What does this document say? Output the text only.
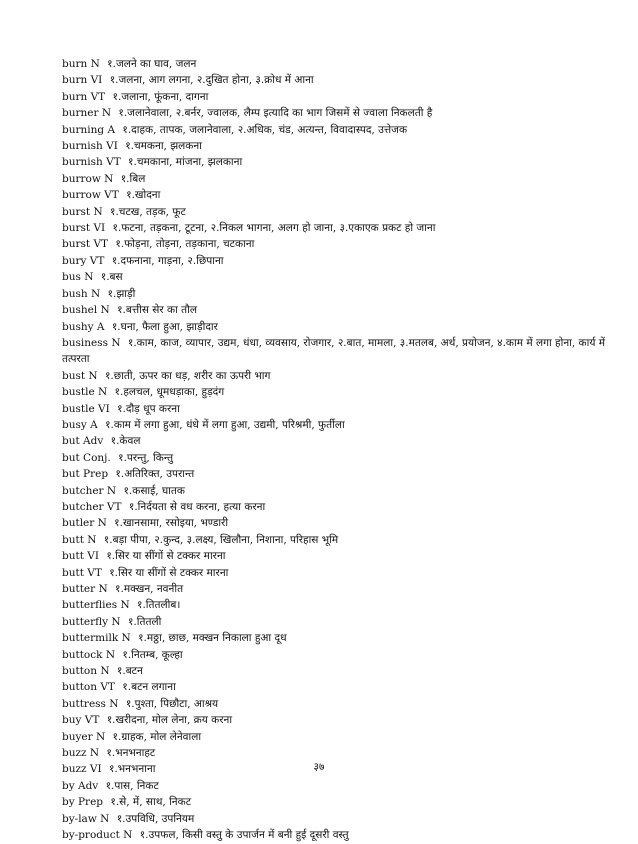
burn N १.जलने का घाव, जलन
burn VI १.जलना, आग लगना, २.दुखित होना, ३.क्रोध में आना
burn VT १.जलाना, फूंकना, दागना
burner N १.जलानेवाला, २.बर्नर, ज्वालक, लैम्प इत्यादि का भाग जिसमें से ज्वाला निकलती है
burning A १.दाहक, तापक, जलानेवाला, २.अधिक, चंड, अत्यन्त, विवादास्पद, उत्तेजक
burnish VI १.चमकना, झलकना
burnish VT १.चमकाना, मांजना, झलकाना
burrow N १.बिल
burrow VT १.खोदना
burst N १.चटख, तड़क, फूट
burst VI १.फटना, तड़कना, टूटना, २.निकल भागना, अलग हो जाना, ३.एकाएक प्रकट हो जाना
burst VT १.फोड़ना, तोड़ना, तड़काना, चटकाना
bury VT १.दफनाना, गाड़ना, २.छिपाना
bus N १.बस
bush N १.झाड़ी
bushel N १.बत्तीस सेर का तौल
bushy A १.घना, फैला हुआ, झाड़ीदार
business N १.काम, काज, व्यापार, उद्यम, धंधा, व्यवसाय, रोजगार, २.बात, मामला, ३.मतलब, अर्थ, प्रयोजन, ४.काम में लगा होना, कार्य में तत्परता
bust N १.छाती, ऊपर का धड़, शरीर का ऊपरी भाग
bustle N १.हलचल, धूमधड़ाका, हुड़दंग
bustle VI १.दौड़ धूप करना
busy A १.काम में लगा हुआ, धंधे में लगा हुआ, उद्यमी, परिश्रमी, फुर्तीला
but Adv १.केवल
but Conj. १.परन्तु, किन्तु
but Prep १.अतिरिक्त, उपरान्त
butcher N १.कसाई, घातक
butcher VT १.निर्दयता से वध करना, हत्या करना
butler N १.खानसामा, रसोइया, भण्डारी
butt N १.बड़ा पीपा, २.कुन्द, ३.लक्ष्य, खिलौना, निशाना, परिहास भूमि
butt VI १.सिर या सींगों से टक्कर मारना
butt VT १.सिर या सींगों से टक्कर मारना
butter N १.मक्खन, नवनीत
butterflies N १.तितलीब।
butterfly N १.तितली
buttermilk N १.मठ्ठा, छाछ, मक्खन निकाला हुआ दूध
buttock N १.नितम्ब, कूल्हा
button N १.बटन
button VT १.बटन लगाना
buttress N १.पुश्ता, पिछौटा, आश्रय
buy VT १.खरीदना, मोल लेना, क्रय करना
buyer N १.ग्राहक, मोल लेनेवाला
buzz N १.भनभनाहट
buzz VI १.भनभनाना
by Adv १.पास, निकट
by Prep १.से, में, साथ, निकट
by-law N १.उपविधि, उपनियम
by-product N १.उपफल, किसी वस्तु के उपार्जन में बनी हुई दूसरी वस्तु
३७
